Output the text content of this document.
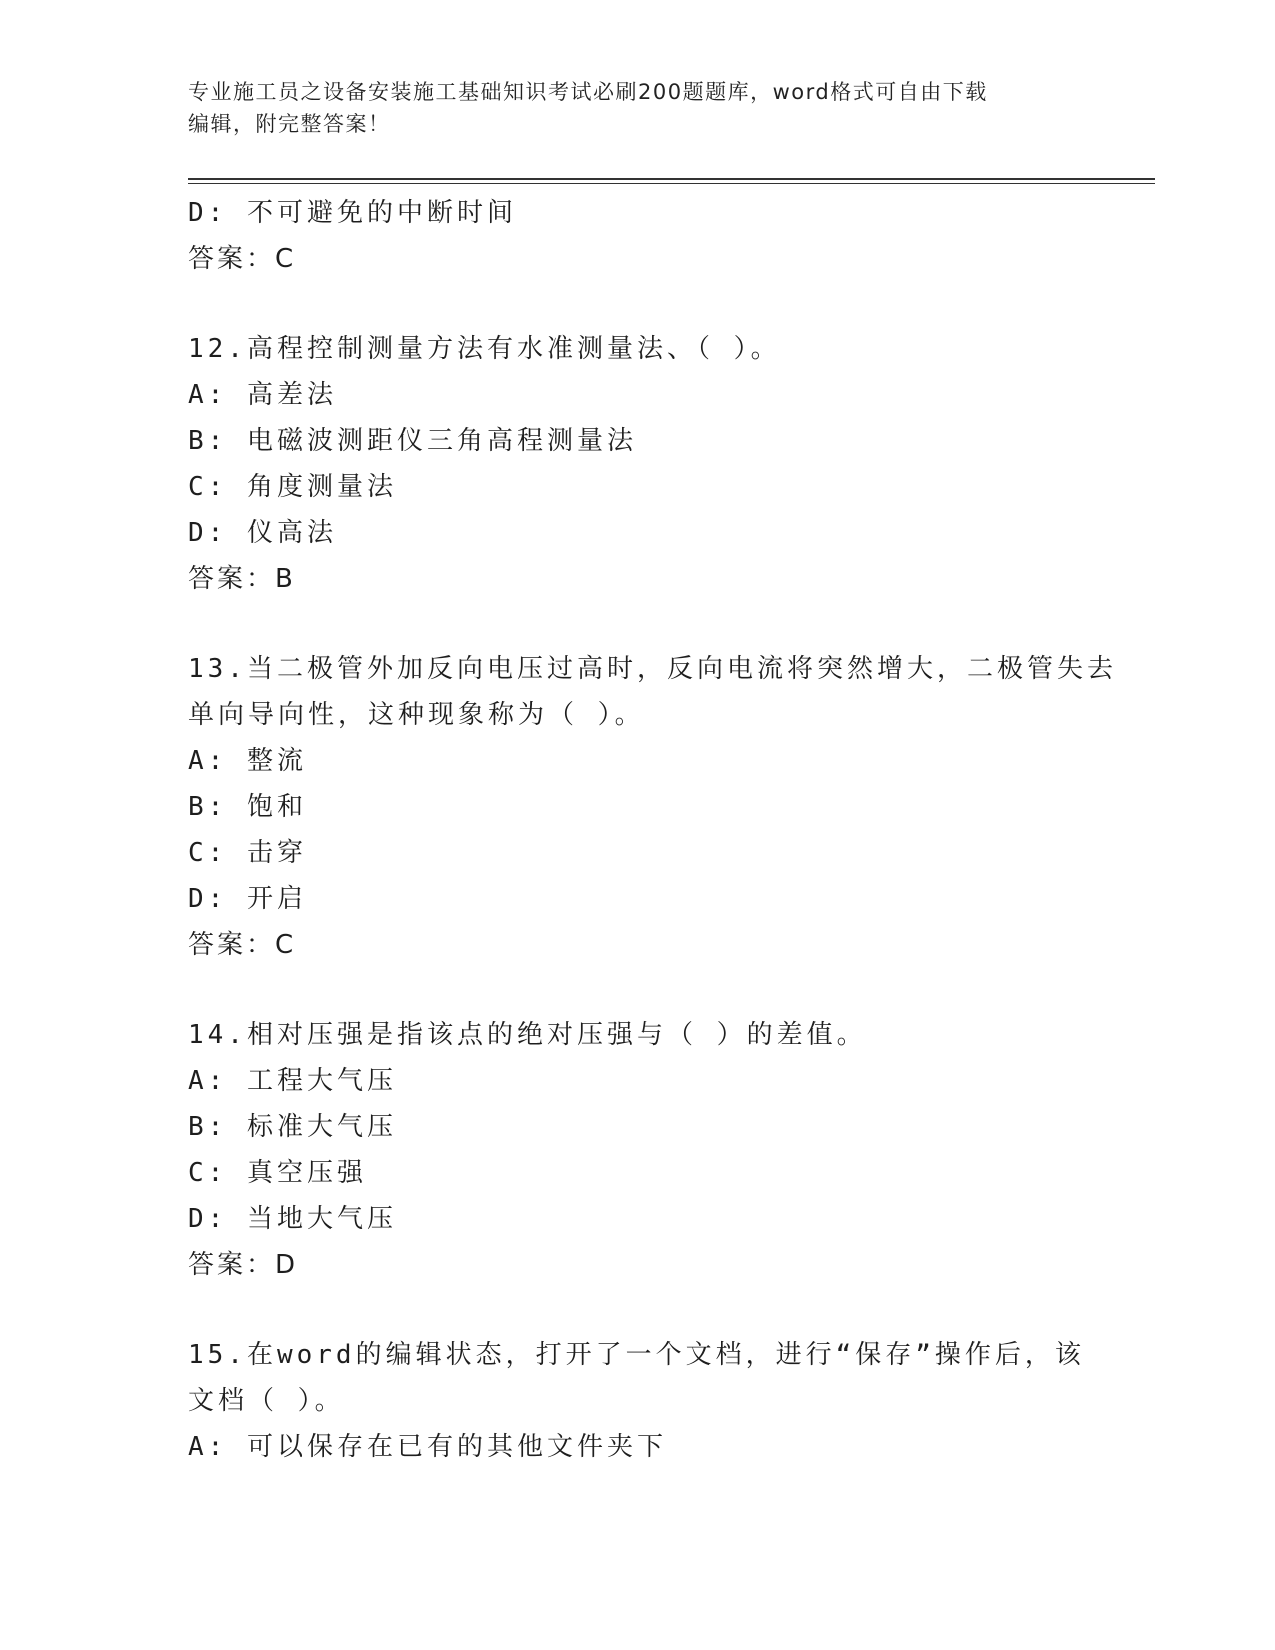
专业施工员之设备安装施工基础知识考试必刷200题题库，word格式可自由下载
编辑，附完整答案！
D: 不可避免的中断时间
答案：C
12.高程控制测量方法有水准测量法、（ ）。
A: 高差法
B: 电磁波测距仪三角高程测量法
C: 角度测量法
D: 仪高法
答案：B
13.当二极管外加反向电压过高时，反向电流将突然增大，二极管失去
单向导向性，这种现象称为（ ）。
A: 整流
B: 饱和
C: 击穿
D: 开启
答案：C
14.相对压强是指该点的绝对压强与（ ）的差值。
A: 工程大气压
B: 标准大气压
C: 真空压强
D: 当地大气压
答案：D
15.在word的编辑状态，打开了一个文档，进行“保存”操作后，该
文档（ ）。
A: 可以保存在已有的其他文件夹下
